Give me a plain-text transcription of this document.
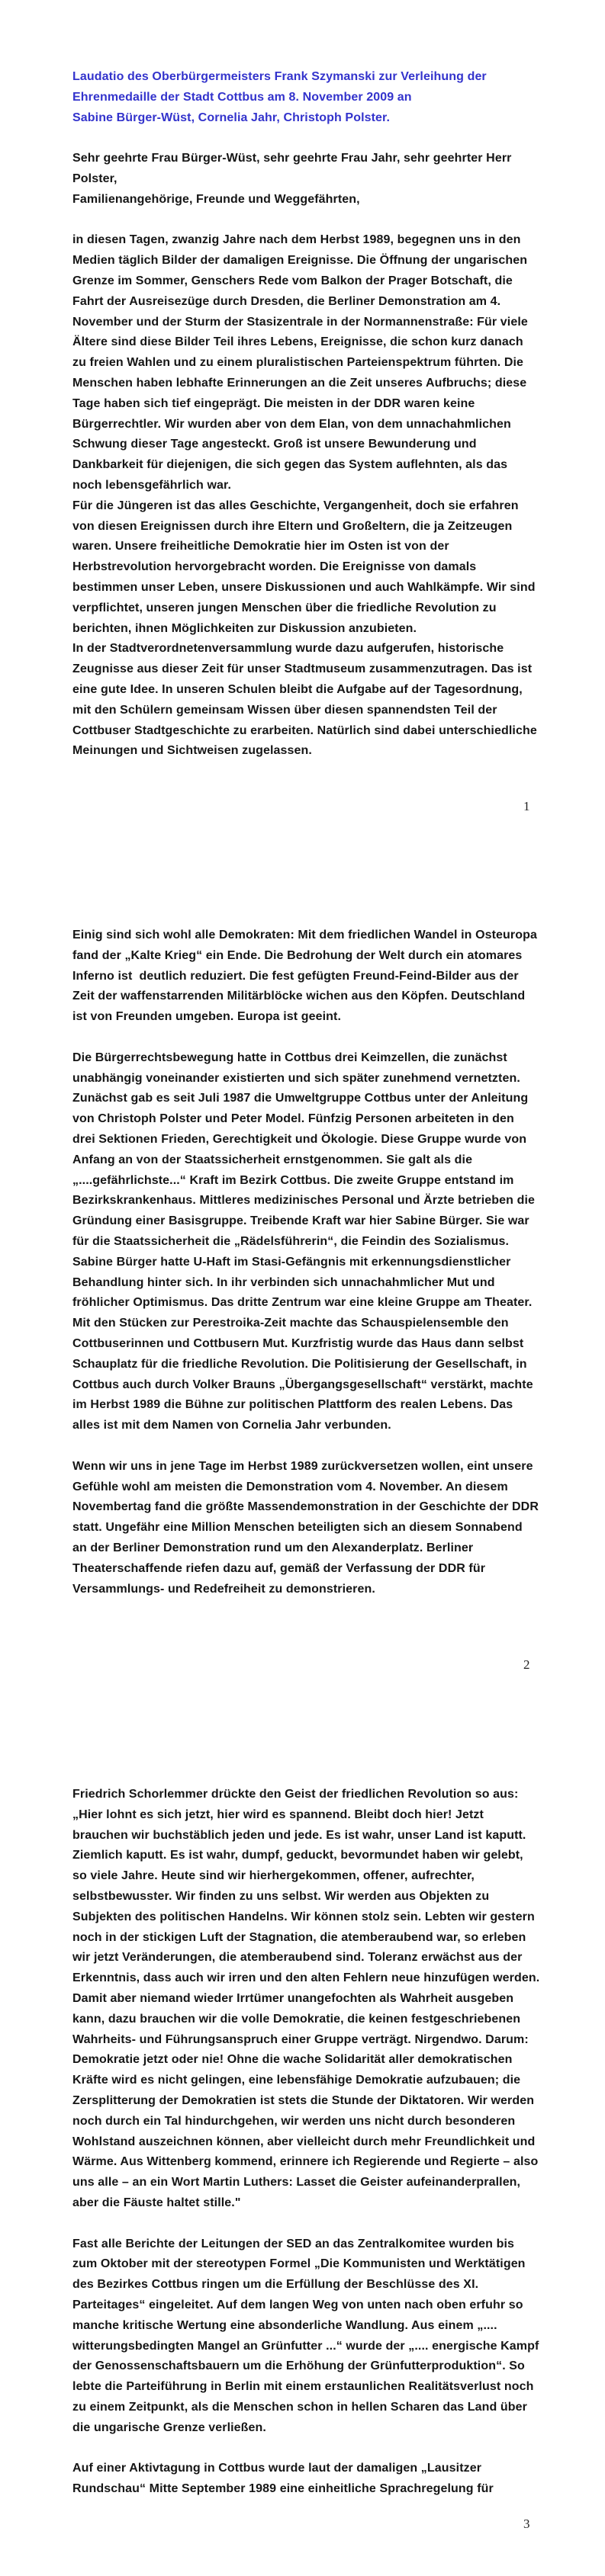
Laudatio des Oberbürgermeisters Frank Szymanski zur Verleihung der
Ehrenmedaille der Stadt Cottbus am 8. November 2009 an
Sabine Bürger-Wüst, Cornelia Jahr, Christoph Polster.
Sehr geehrte Frau Bürger-Wüst, sehr geehrte Frau Jahr, sehr geehrter Herr
Polster,
Familienangehörige, Freunde und Weggefährten,
in diesen Tagen, zwanzig Jahre nach dem Herbst 1989, begegnen uns in den
Medien täglich Bilder der damaligen Ereignisse. Die Öffnung der ungarischen
Grenze im Sommer, Genschers Rede vom Balkon der Prager Botschaft, die
Fahrt der Ausreisezüge durch Dresden, die Berliner Demonstration am 4.
November und der Sturm der Stasizentrale in der Normannenstraße: Für viele
Ältere sind diese Bilder Teil ihres Lebens, Ereignisse, die schon kurz danach
zu freien Wahlen und zu einem pluralistischen Parteienspektrum führten. Die
Menschen haben lebhafte Erinnerungen an die Zeit unseres Aufbruchs; diese
Tage haben sich tief eingeprägt. Die meisten in der DDR waren keine
Bürgerrechtler. Wir wurden aber von dem Elan, von dem unnachahmlichen
Schwung dieser Tage angesteckt. Groß ist unsere Bewunderung und
Dankbarkeit für diejenigen, die sich gegen das System auflehnten, als das
noch lebensgefährlich war.
Für die Jüngeren ist das alles Geschichte, Vergangenheit, doch sie erfahren
von diesen Ereignissen durch ihre Eltern und Großeltern, die ja Zeitzeugen
waren. Unsere freiheitliche Demokratie hier im Osten ist von der
Herbstrevolution hervorgebracht worden. Die Ereignisse von damals
bestimmen unser Leben, unsere Diskussionen und auch Wahlkämpfe. Wir sind
verpflichtet, unseren jungen Menschen über die friedliche Revolution zu
berichten, ihnen Möglichkeiten zur Diskussion anzubieten.
In der Stadtverordnetenversammlung wurde dazu aufgerufen, historische
Zeugnisse aus dieser Zeit für unser Stadtmuseum zusammenzutragen. Das ist
eine gute Idee. In unseren Schulen bleibt die Aufgabe auf der Tagesordnung,
mit den Schülern gemeinsam Wissen über diesen spannendsten Teil der
Cottbuser Stadtgeschichte zu erarbeiten. Natürlich sind dabei unterschiedliche
Meinungen und Sichtweisen zugelassen.
1
Einig sind sich wohl alle Demokraten: Mit dem friedlichen Wandel in Osteuropa
fand der „Kalte Krieg“ ein Ende. Die Bedrohung der Welt durch ein atomares
Inferno ist  deutlich reduziert. Die fest gefügten Freund-Feind-Bilder aus der
Zeit der waffenstarrenden Militärblöcke wichen aus den Köpfen. Deutschland
ist von Freunden umgeben. Europa ist geeint.
Die Bürgerrechtsbewegung hatte in Cottbus drei Keimzellen, die zunächst
unabhängig voneinander existierten und sich später zunehmend vernetzten.
Zunächst gab es seit Juli 1987 die Umweltgruppe Cottbus unter der Anleitung
von Christoph Polster und Peter Model. Fünfzig Personen arbeiteten in den
drei Sektionen Frieden, Gerechtigkeit und Ökologie. Diese Gruppe wurde von
Anfang an von der Staatssicherheit ernstgenommen. Sie galt als die
„....gefährlichste...“ Kraft im Bezirk Cottbus. Die zweite Gruppe entstand im
Bezirkskrankenhaus. Mittleres medizinisches Personal und Ärzte betrieben die
Gründung einer Basisgruppe. Treibende Kraft war hier Sabine Bürger. Sie war
für die Staatssicherheit die „Rädelsführerin“, die Feindin des Sozialismus.
Sabine Bürger hatte U-Haft im Stasi-Gefängnis mit erkennungsdienstlicher
Behandlung hinter sich. In ihr verbinden sich unnachahmlicher Mut und
fröhlicher Optimismus. Das dritte Zentrum war eine kleine Gruppe am Theater.
Mit den Stücken zur Perestroika-Zeit machte das Schauspielensemble den
Cottbuserinnen und Cottbusern Mut. Kurzfristig wurde das Haus dann selbst
Schauplatz für die friedliche Revolution. Die Politisierung der Gesellschaft, in
Cottbus auch durch Volker Brauns „Übergangsgesellschaft“ verstärkt, machte
im Herbst 1989 die Bühne zur politischen Plattform des realen Lebens. Das
alles ist mit dem Namen von Cornelia Jahr verbunden.
Wenn wir uns in jene Tage im Herbst 1989 zurückversetzen wollen, eint unsere
Gefühle wohl am meisten die Demonstration vom 4. November. An diesem
Novembertag fand die größte Massendemonstration in der Geschichte der DDR
statt. Ungefähr eine Million Menschen beteiligten sich an diesem Sonnabend
an der Berliner Demonstration rund um den Alexanderplatz. Berliner
Theaterschaffende riefen dazu auf, gemäß der Verfassung der DDR für
Versammlungs- und Redefreiheit zu demonstrieren.
2
Friedrich Schorlemmer drückte den Geist der friedlichen Revolution so aus:
„Hier lohnt es sich jetzt, hier wird es spannend. Bleibt doch hier! Jetzt
brauchen wir buchstäblich jeden und jede. Es ist wahr, unser Land ist kaputt.
Ziemlich kaputt. Es ist wahr, dumpf, geduckt, bevormundet haben wir gelebt,
so viele Jahre. Heute sind wir hierhergekommen, offener, aufrechter,
selbstbewusster. Wir finden zu uns selbst. Wir werden aus Objekten zu
Subjekten des politischen Handelns. Wir können stolz sein. Lebten wir gestern
noch in der stickigen Luft der Stagnation, die atemberaubend war, so erleben
wir jetzt Veränderungen, die atemberaubend sind. Toleranz erwächst aus der
Erkenntnis, dass auch wir irren und den alten Fehlern neue hinzufügen werden.
Damit aber niemand wieder Irrtümer unangefochten als Wahrheit ausgeben
kann, dazu brauchen wir die volle Demokratie, die keinen festgeschriebenen
Wahrheits- und Führungsanspruch einer Gruppe verträgt. Nirgendwo. Darum:
Demokratie jetzt oder nie! Ohne die wache Solidarität aller demokratischen
Kräfte wird es nicht gelingen, eine lebensfähige Demokratie aufzubauen; die
Zersplitterung der Demokratien ist stets die Stunde der Diktatoren. Wir werden
noch durch ein Tal hindurchgehen, wir werden uns nicht durch besonderen
Wohlstand auszeichnen können, aber vielleicht durch mehr Freundlichkeit und
Wärme. Aus Wittenberg kommend, erinnere ich Regierende und Regierte – also
uns alle – an ein Wort Martin Luthers: Lasset die Geister aufeinanderprallen,
aber die Fäuste haltet stille."
Fast alle Berichte der Leitungen der SED an das Zentralkomitee wurden bis
zum Oktober mit der stereotypen Formel „Die Kommunisten und Werktätigen
des Bezirkes Cottbus ringen um die Erfüllung der Beschlüsse des XI.
Parteitages“ eingeleitet. Auf dem langen Weg von unten nach oben erfuhr so
manche kritische Wertung eine absonderliche Wandlung. Aus einem „....
witterungsbedingten Mangel an Grünfutter ...“ wurde der „.... energische Kampf
der Genossenschaftsbauern um die Erhöhung der Grünfutterproduktion“. So
lebte die Parteiführung in Berlin mit einem erstaunlichen Realitätsverlust noch
zu einem Zeitpunkt, als die Menschen schon in hellen Scharen das Land über
die ungarische Grenze verließen.
Auf einer Aktivtagung in Cottbus wurde laut der damaligen „Lausitzer
Rundschau“ Mitte September 1989 eine einheitliche Sprachregelung für
3
